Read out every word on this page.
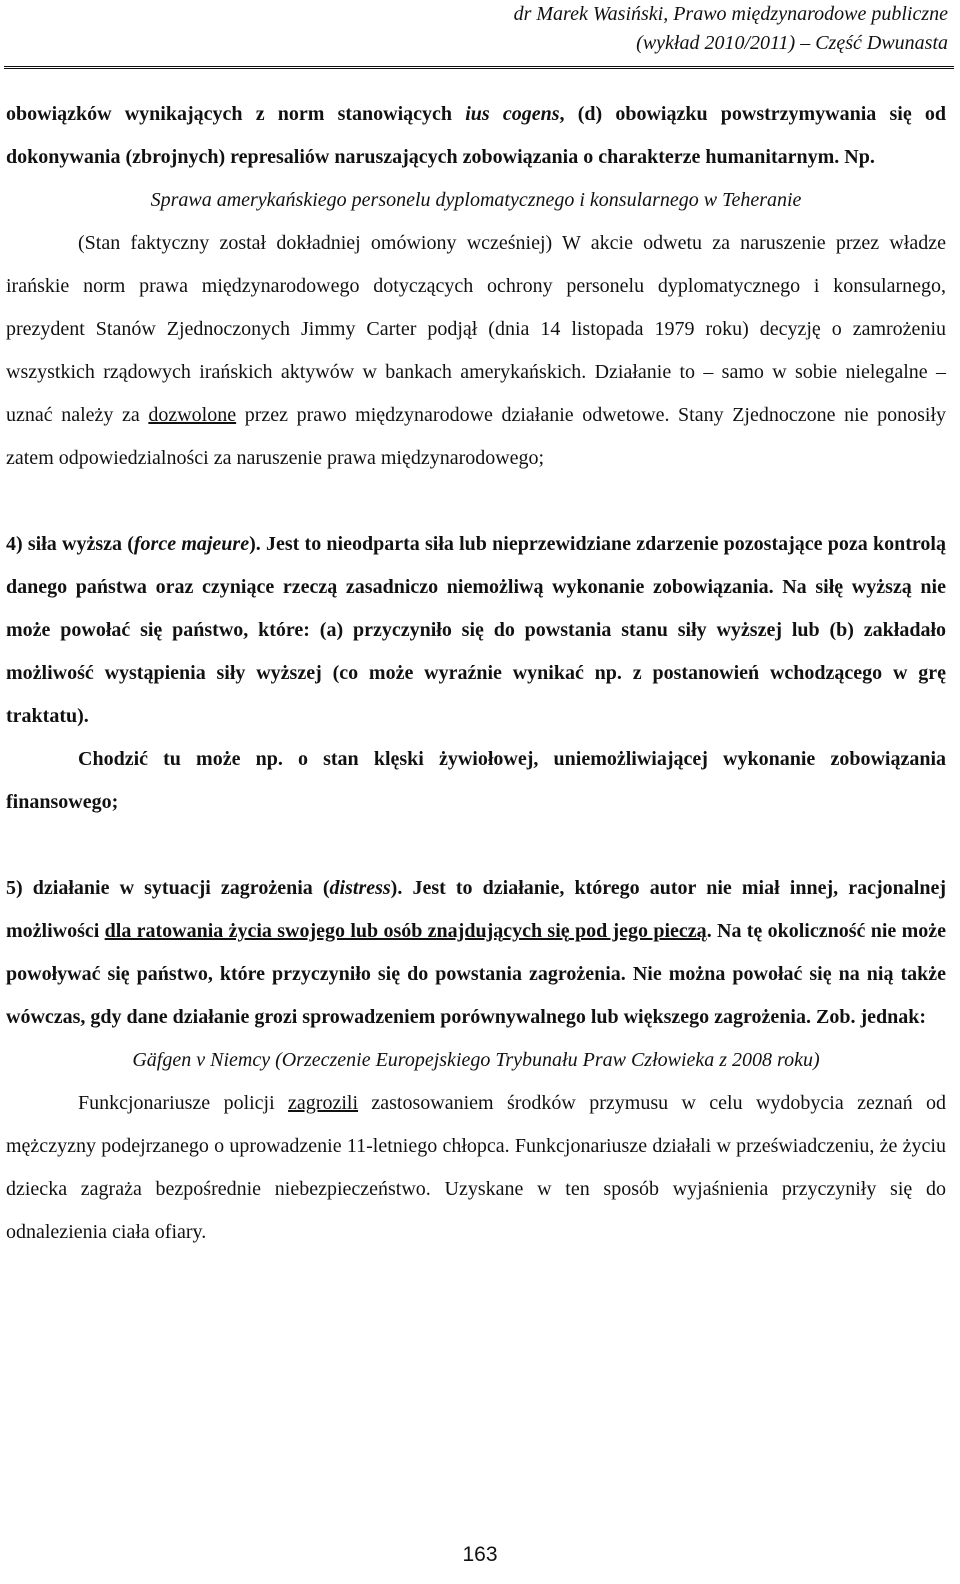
dr Marek Wasiński, Prawo międzynarodowe publiczne
(wykład 2010/2011) – Część Dwunasta

obowiązków wynikających z norm stanowiących ius cogens, (d) obowiązku powstrzymywania się od dokonywania (zbrojnych) represaliów naruszających zobowiązania o charakterze humanitarnym. Np.

Sprawa amerykańskiego personelu dyplomatycznego i konsularnego w Teheranie

(Stan faktyczny został dokładniej omówiony wcześniej) W akcie odwetu za naruszenie przez władze irańskie norm prawa międzynarodowego dotyczących ochrony personelu dyplomatycznego i konsularnego, prezydent Stanów Zjednoczonych Jimmy Carter podjął (dnia 14 listopada 1979 roku) decyzję o zamrożeniu wszystkich rządowych irańskich aktywów w bankach amerykańskich. Działanie to – samo w sobie nielegalne – uznać należy za dozwolone przez prawo międzynarodowe działanie odwetowe. Stany Zjednoczone nie ponosiły zatem odpowiedzialności za naruszenie prawa międzynarodowego;

4) siła wyższa (force majeure). Jest to nieodparta siła lub nieprzewidziane zdarzenie pozostające poza kontrolą danego państwa oraz czyniące rzeczą zasadniczo niemożliwą wykonanie zobowiązania. Na siłę wyższą nie może powołać się państwo, które: (a) przyczyniło się do powstania stanu siły wyższej lub (b) zakładało możliwość wystąpienia siły wyższej (co może wyraźnie wynikać np. z postanowień wchodzącego w grę traktatu).

Chodzić tu może np. o stan klęski żywiołowej, uniemożliwiającej wykonanie zobowiązania finansowego;

5) działanie w sytuacji zagrożenia (distress). Jest to działanie, którego autor nie miał innej, racjonalnej możliwości dla ratowania życia swojego lub osób znajdujących się pod jego pieczą. Na tę okoliczność nie może powoływać się państwo, które przyczyniło się do powstania zagrożenia. Nie można powołać się na nią także wówczas, gdy dane działanie grozi sprowadzeniem porównywalnego lub większego zagrożenia. Zob. jednak:

Gäfgen v Niemcy (Orzeczenie Europejskiego Trybunału Praw Człowieka z 2008 roku)

Funkcjonariusze policji zagrozili zastosowaniem środków przymusu w celu wydobycia zeznań od mężczyzny podejrzanego o uprowadzenie 11-letniego chłopca. Funkcjonariusze działali w przeświadczeniu, że życiu dziecka zagraża bezpośrednie niebezpieczeństwo. Uzyskane w ten sposób wyjaśnienia przyczyniły się do odnalezienia ciała ofiary.

163
